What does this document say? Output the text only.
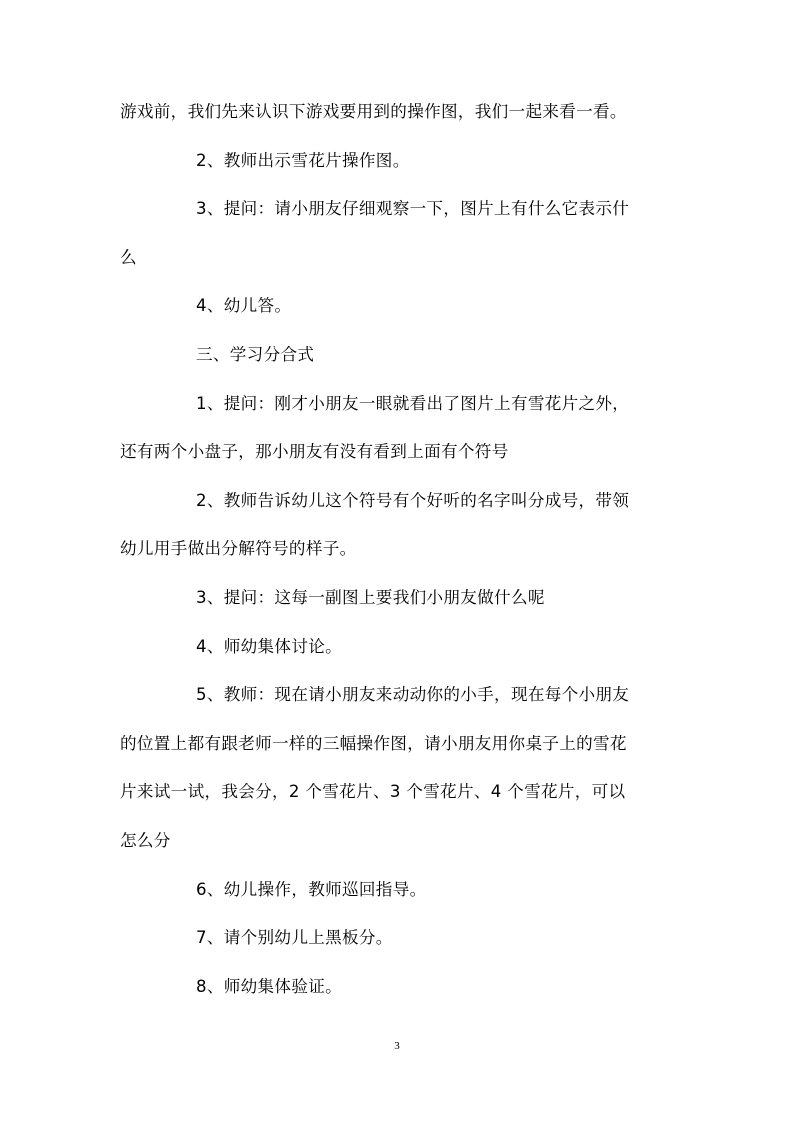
游戏前，我们先来认识下游戏要用到的操作图，我们一起来看一看。
2、教师出示雪花片操作图。
3、提问：请小朋友仔细观察一下，图片上有什么它表示什
么
4、幼儿答。
三、学习分合式
1、提问：刚才小朋友一眼就看出了图片上有雪花片之外，
还有两个小盘子，那小朋友有没有看到上面有个符号
2、教师告诉幼儿这个符号有个好听的名字叫分成号，带领
幼儿用手做出分解符号的样子。
3、提问：这每一副图上要我们小朋友做什么呢
4、师幼集体讨论。
5、教师：现在请小朋友来动动你的小手，现在每个小朋友
的位置上都有跟老师一样的三幅操作图，请小朋友用你桌子上的雪花
片来试一试，我会分，2 个雪花片、3 个雪花片、4 个雪花片，可以
怎么分
6、幼儿操作，教师巡回指导。
7、请个别幼儿上黑板分。
8、师幼集体验证。
3
